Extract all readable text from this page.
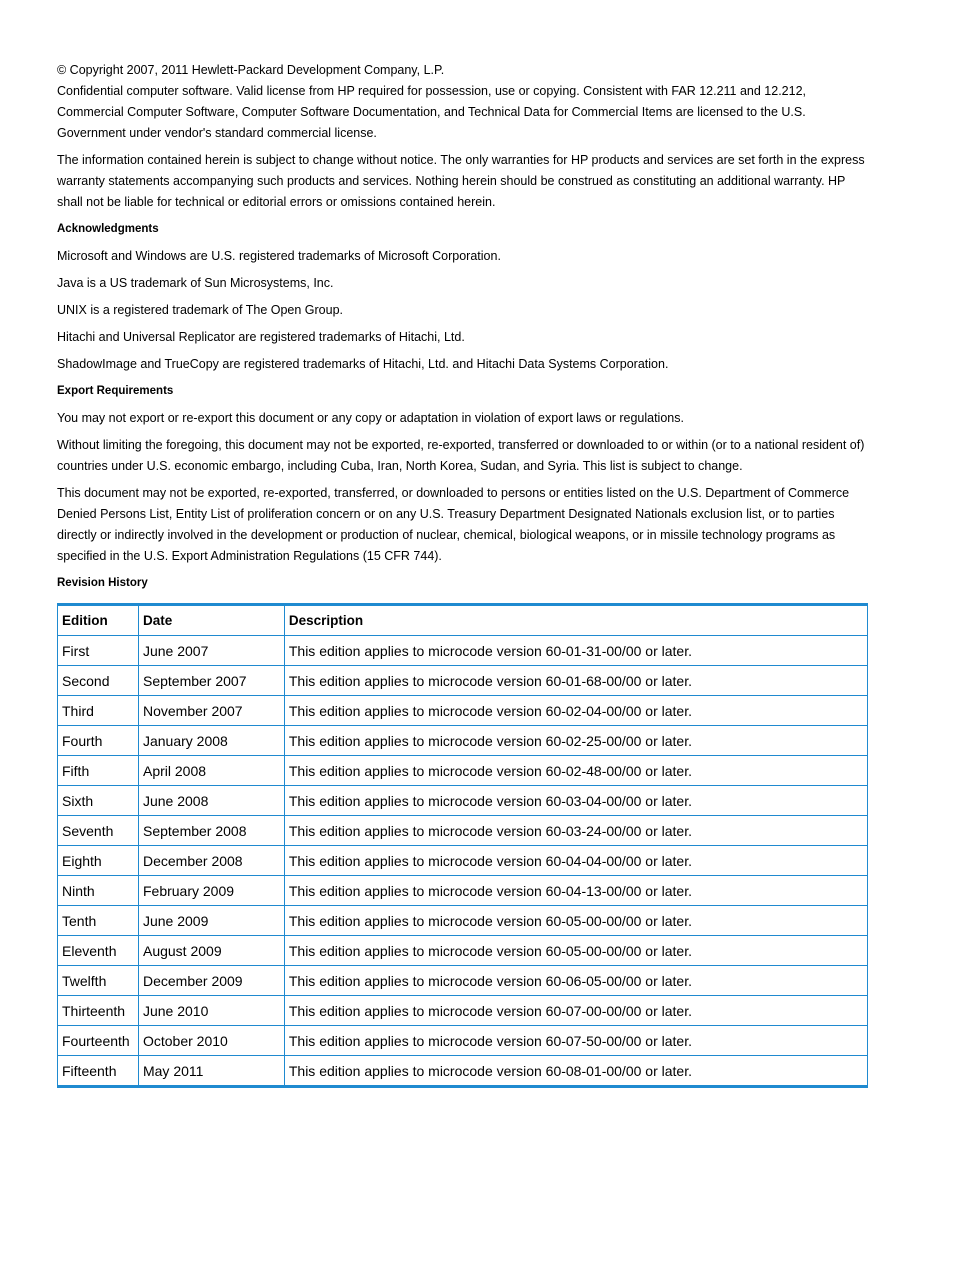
© Copyright 2007, 2011 Hewlett-Packard Development Company, L.P.

Confidential computer software. Valid license from HP required for possession, use or copying. Consistent with FAR 12.211 and 12.212, Commercial Computer Software, Computer Software Documentation, and Technical Data for Commercial Items are licensed to the U.S. Government under vendor's standard commercial license.

The information contained herein is subject to change without notice. The only warranties for HP products and services are set forth in the express warranty statements accompanying such products and services. Nothing herein should be construed as constituting an additional warranty. HP shall not be liable for technical or editorial errors or omissions contained herein.

Acknowledgments

Microsoft and Windows are U.S. registered trademarks of Microsoft Corporation.

Java is a US trademark of Sun Microsystems, Inc.

UNIX is a registered trademark of The Open Group.

Hitachi and Universal Replicator are registered trademarks of Hitachi, Ltd.

ShadowImage and TrueCopy are registered trademarks of Hitachi, Ltd. and Hitachi Data Systems Corporation.

Export Requirements

You may not export or re-export this document or any copy or adaptation in violation of export laws or regulations.

Without limiting the foregoing, this document may not be exported, re-exported, transferred or downloaded to or within (or to a national resident of) countries under U.S. economic embargo, including Cuba, Iran, North Korea, Sudan, and Syria. This list is subject to change.

This document may not be exported, re-exported, transferred, or downloaded to persons or entities listed on the U.S. Department of Commerce Denied Persons List, Entity List of proliferation concern or on any U.S. Treasury Department Designated Nationals exclusion list, or to parties directly or indirectly involved in the development or production of nuclear, chemical, biological weapons, or in missile technology programs as specified in the U.S. Export Administration Regulations (15 CFR 744).

Revision History
Edition	Date	Description
First	June 2007	This edition applies to microcode version 60-01-31-00/00 or later.
Second	September 2007	This edition applies to microcode version 60-01-68-00/00 or later.
Third	November 2007	This edition applies to microcode version 60-02-04-00/00 or later.
Fourth	January 2008	This edition applies to microcode version 60-02-25-00/00 or later.
Fifth	April 2008	This edition applies to microcode version 60-02-48-00/00 or later.
Sixth	June 2008	This edition applies to microcode version 60-03-04-00/00 or later.
Seventh	September 2008	This edition applies to microcode version 60-03-24-00/00 or later.
Eighth	December 2008	This edition applies to microcode version 60-04-04-00/00 or later.
Ninth	February 2009	This edition applies to microcode version 60-04-13-00/00 or later.
Tenth	June 2009	This edition applies to microcode version 60-05-00-00/00 or later.
Eleventh	August 2009	This edition applies to microcode version 60-05-00-00/00 or later.
Twelfth	December 2009	This edition applies to microcode version 60-06-05-00/00 or later.
Thirteenth	June 2010	This edition applies to microcode version 60-07-00-00/00 or later.
Fourteenth	October 2010	This edition applies to microcode version 60-07-50-00/00 or later.
Fifteenth	May 2011	This edition applies to microcode version 60-08-01-00/00 or later.
